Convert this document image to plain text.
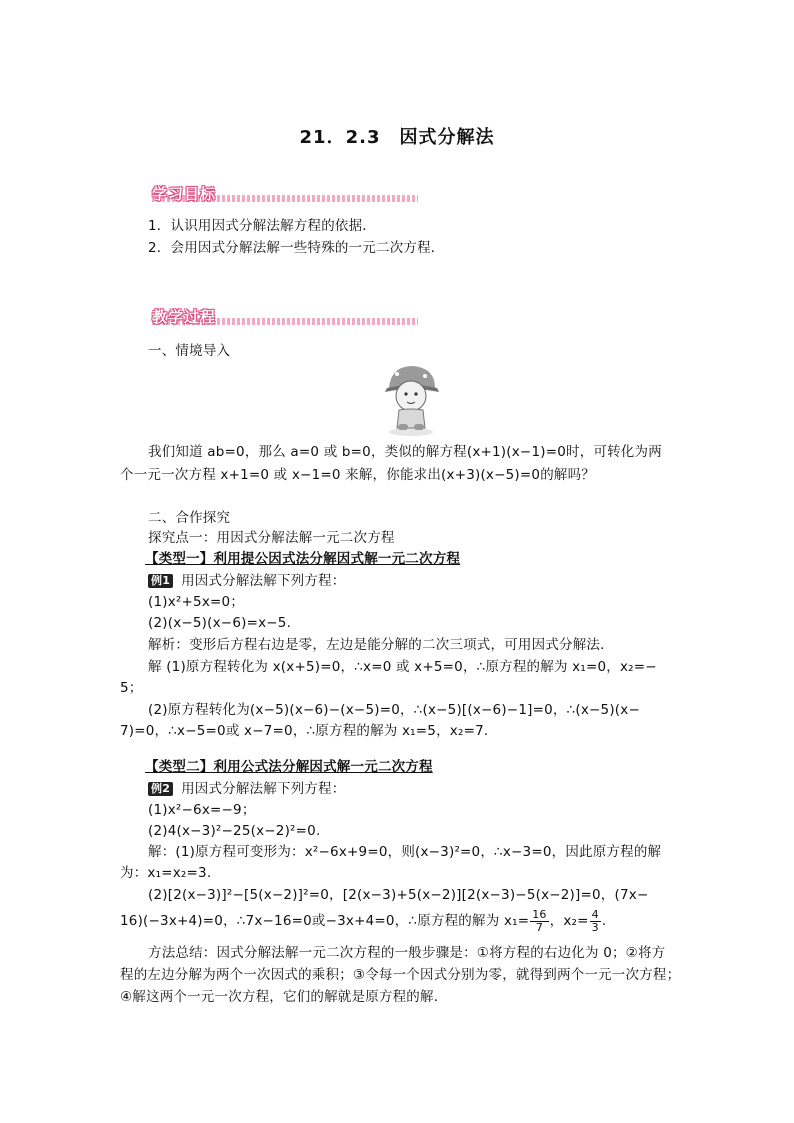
21．2.3　因式分解法
学习目标
1．认识用因式分解法解方程的依据．
2．会用因式分解法解一些特殊的一元二次方程．
教学过程
一、情境导入
我们知道 ab=0，那么 a=0 或 b=0，类似的解方程(x+1)(x−1)=0时，可转化为两
个一元一次方程 x+1=0 或 x−1=0 来解，你能求出(x+3)(x−5)=0的解吗？
二、合作探究
探究点一：用因式分解法解一元二次方程
【类型一】利用提公因式法分解因式解一元二次方程
例1 用因式分解法解下列方程：
(1)x²+5x=0；
(2)(x−5)(x−6)=x−5.
解析：变形后方程右边是零，左边是能分解的二次三项式，可用因式分解法．
解 (1)原方程转化为 x(x+5)=0，∴x=0 或 x+5=0，∴原方程的解为 x₁=0，x₂=−
5；
(2)原方程转化为(x−5)(x−6)−(x−5)=0，∴(x−5)[(x−6)−1]=0，∴(x−5)(x−
7)=0，∴x−5=0或 x−7=0，∴原方程的解为 x₁=5，x₂=7.
【类型二】利用公式法分解因式解一元二次方程
例2 用因式分解法解下列方程：
(1)x²−6x=−9；
(2)4(x−3)²−25(x−2)²=0.
解：(1)原方程可变形为：x²−6x+9=0，则(x−3)²=0，∴x−3=0，因此原方程的解
为：x₁=x₂=3.
(2)[2(x−3)]²−[5(x−2)]²=0，[2(x−3)+5(x−2)][2(x−3)−5(x−2)]=0，(7x−
16)(−3x+4)=0，∴7x−16=0或−3x+4=0，∴原方程的解为 $x_1= \frac{16}{7}$ ，$x_2= \frac{4}{3}$ .
方法总结：因式分解法解一元二次方程的一般步骤是：①将方程的右边化为 0；②将方
程的左边分解为两个一次因式的乘积；③令每一个因式分别为零，就得到两个一元一次方程；
④解这两个一元一次方程，它们的解就是原方程的解．
